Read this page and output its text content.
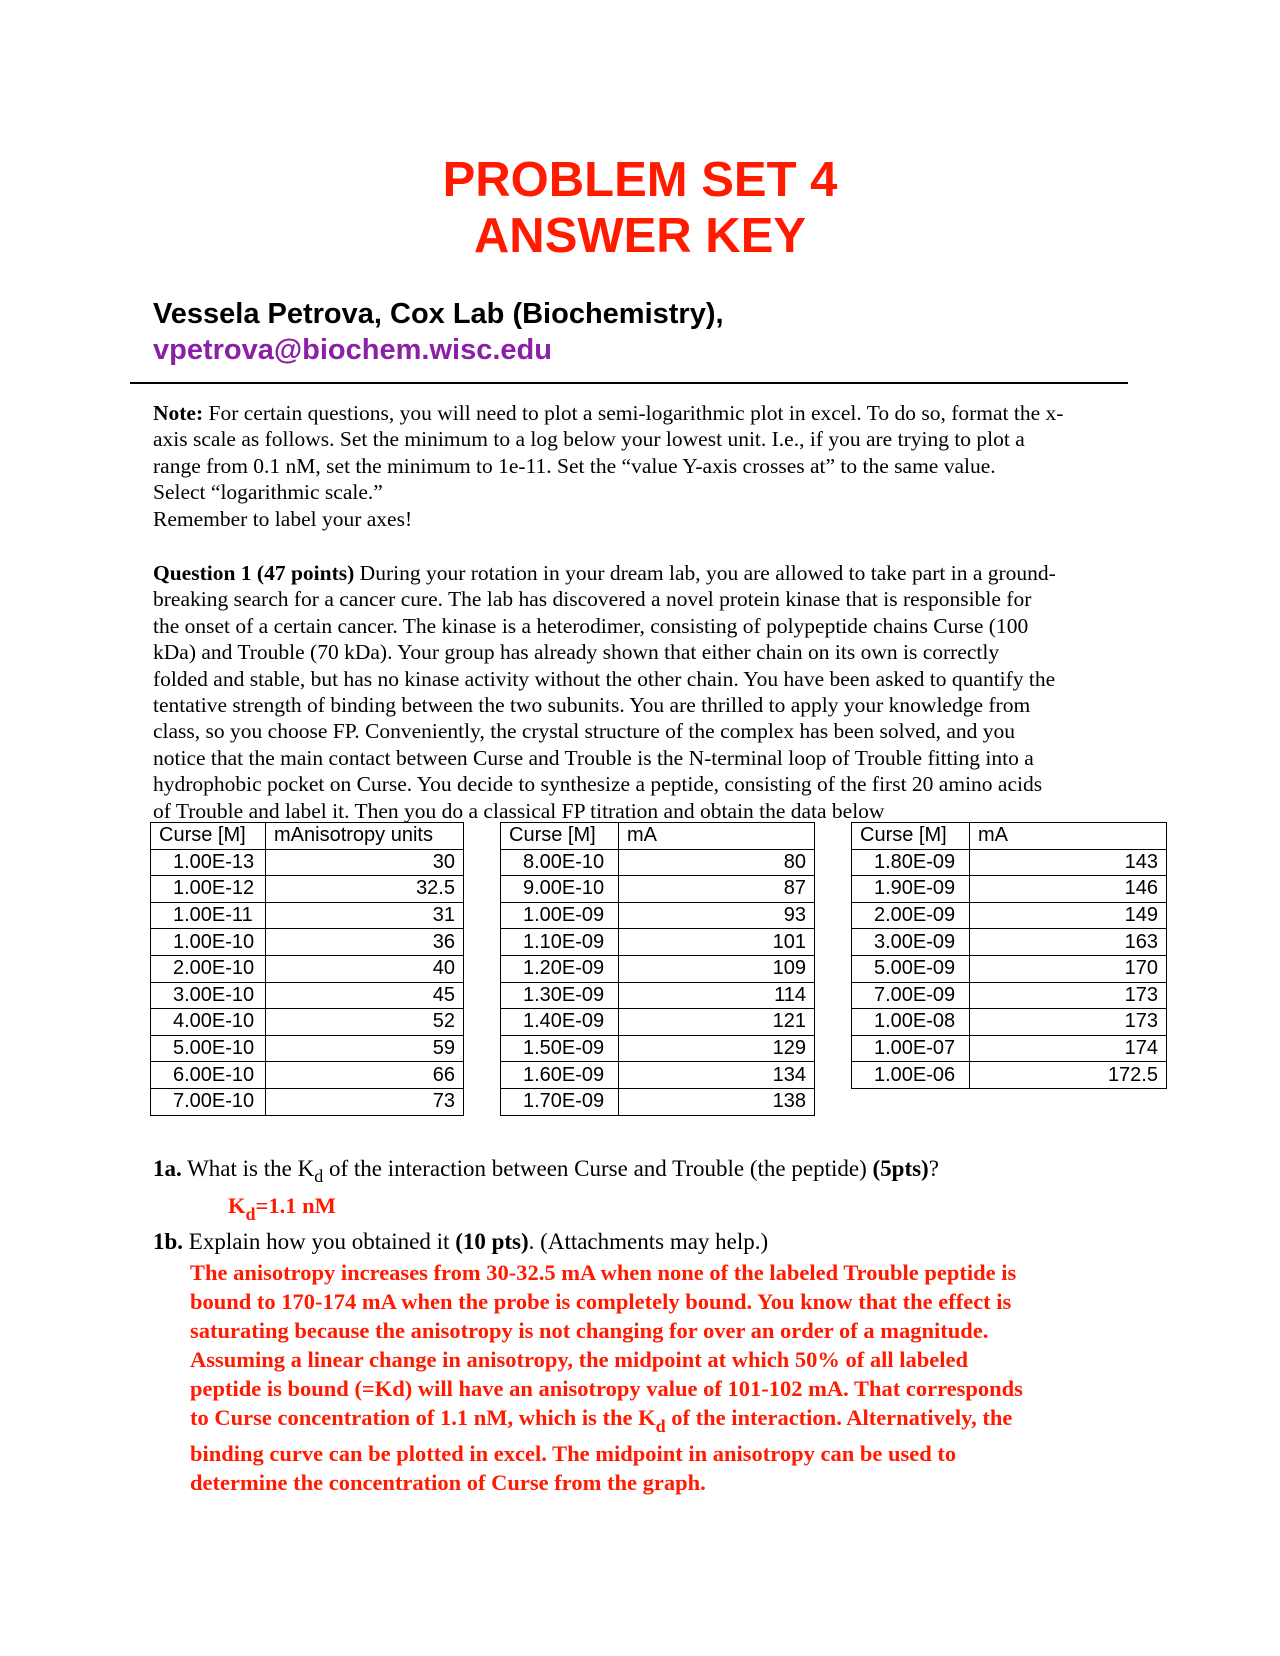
PROBLEM SET 4
ANSWER KEY
Vessela Petrova, Cox Lab (Biochemistry),
vpetrova@biochem.wisc.edu
Note: For certain questions, you will need to plot a semi-logarithmic plot in excel. To do so, format the x-
axis scale as follows. Set the minimum to a log below your lowest unit. I.e., if you are trying to plot a
range from 0.1 nM, set the minimum to 1e-11. Set the “value Y-axis crosses at” to the same value.
Select “logarithmic scale.”
Remember to label your axes!
Question 1 (47 points) During your rotation in your dream lab, you are allowed to take part in a ground-
breaking search for a cancer cure. The lab has discovered a novel protein kinase that is responsible for
the onset of a certain cancer. The kinase is a heterodimer, consisting of polypeptide chains Curse (100
kDa) and Trouble (70 kDa). Your group has already shown that either chain on its own is correctly
folded and stable, but has no kinase activity without the other chain. You have been asked to quantify the
tentative strength of binding between the two subunits. You are thrilled to apply your knowledge from
class, so you choose FP. Conveniently, the crystal structure of the complex has been solved, and you
notice that the main contact between Curse and Trouble is the N-terminal loop of Trouble fitting into a
hydrophobic pocket on Curse. You decide to synthesize a peptide, consisting of the first 20 amino acids
of Trouble and label it. Then you do a classical FP titration and obtain the data below
Curse [M]	mAnisotropy units
1.00E-13	30
1.00E-12	32.5
1.00E-11	31
1.00E-10	36
2.00E-10	40
3.00E-10	45
4.00E-10	52
5.00E-10	59
6.00E-10	66
7.00E-10	73
Curse [M]	mA
8.00E-10	80
9.00E-10	87
1.00E-09	93
1.10E-09	101
1.20E-09	109
1.30E-09	114
1.40E-09	121
1.50E-09	129
1.60E-09	134
1.70E-09	138
Curse [M]	mA
1.80E-09	143
1.90E-09	146
2.00E-09	149
3.00E-09	163
5.00E-09	170
7.00E-09	173
1.00E-08	173
1.00E-07	174
1.00E-06	172.5
1a. What is the $K_d$ of the interaction between Curse and Trouble (the peptide) (5pts)?
$K_d=1.1$ nM
1b. Explain how you obtained it (10 pts). (Attachments may help.)
The anisotropy increases from 30-32.5 mA when none of the labeled Trouble peptide is
bound to 170-174 mA when the probe is completely bound. You know that the effect is
saturating because the anisotropy is not changing for over an order of a magnitude.
Assuming a linear change in anisotropy, the midpoint at which 50% of all labeled
peptide is bound (=Kd) will have an anisotropy value of 101-102 mA. That corresponds
to Curse concentration of 1.1 nM, which is the $K_d$ of the interaction. Alternatively, the
binding curve can be plotted in excel. The midpoint in anisotropy can be used to
determine the concentration of Curse from the graph.
